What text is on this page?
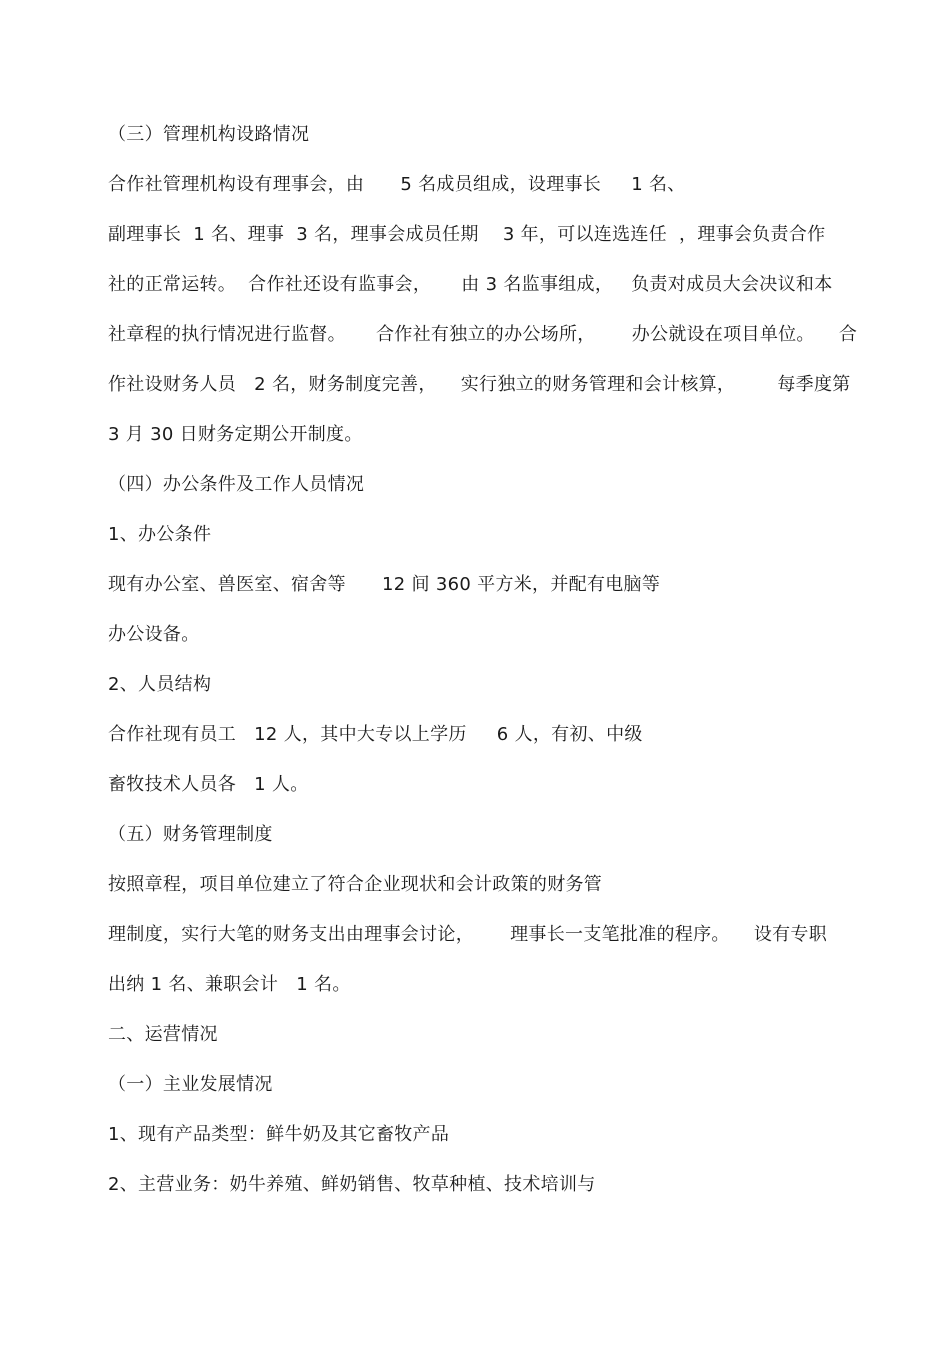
（三）管理机构设路情况
合作社管理机构设有理事会，由      5 名成员组成，设理事长     1 名、
副理事长  1 名、理事  3 名，理事会成员任期    3 年，可以连选连任  ，理事会负责合作
社的正常运转。  合作社还设有监事会，     由 3 名监事组成，   负责对成员大会决议和本
社章程的执行情况进行监督。     合作社有独立的办公场所，      办公就设在项目单位。    合
作社设财务人员   2 名，财务制度完善，    实行独立的财务管理和会计核算，       每季度第
3 月 30 日财务定期公开制度。
（四）办公条件及工作人员情况
1、办公条件
现有办公室、兽医室、宿舍等      12 间 360 平方米，并配有电脑等
办公设备。
2、人员结构
合作社现有员工   12 人，其中大专以上学历     6 人，有初、中级
畜牧技术人员各   1 人。
（五）财务管理制度
按照章程，项目单位建立了符合企业现状和会计政策的财务管
理制度，实行大笔的财务支出由理事会讨论，      理事长一支笔批准的程序。    设有专职
出纳 1 名、兼职会计   1 名。
二、运营情况
（一）主业发展情况
1、现有产品类型：鲜牛奶及其它畜牧产品
2、主营业务：奶牛养殖、鲜奶销售、牧草种植、技术培训与
